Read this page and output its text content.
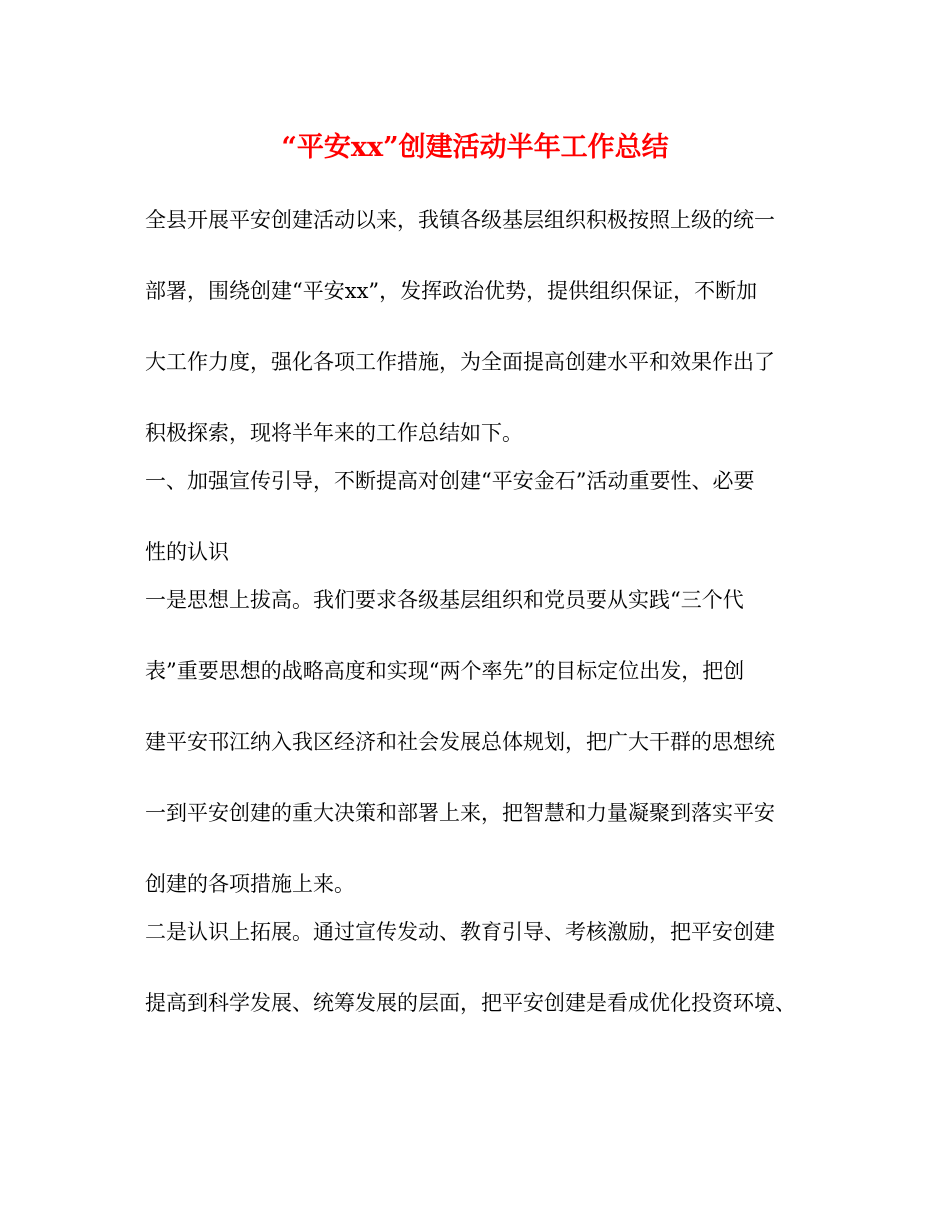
“平安xx”创建活动半年工作总结
全县开展平安创建活动以来，我镇各级基层组织积极按照上级的统一
部署，围绕创建“平安xx”，发挥政治优势，提供组织保证，不断加
大工作力度，强化各项工作措施，为全面提高创建水平和效果作出了
积极探索，现将半年来的工作总结如下。
一、加强宣传引导，不断提高对创建“平安金石”活动重要性、必要
性的认识
一是思想上拔高。我们要求各级基层组织和党员要从实践“三个代
表”重要思想的战略高度和实现“两个率先”的目标定位出发，把创
建平安邗江纳入我区经济和社会发展总体规划，把广大干群的思想统
一到平安创建的重大决策和部署上来，把智慧和力量凝聚到落实平安
创建的各项措施上来。
二是认识上拓展。通过宣传发动、教育引导、考核激励，把平安创建
提高到科学发展、统筹发展的层面，把平安创建是看成优化投资环境、
